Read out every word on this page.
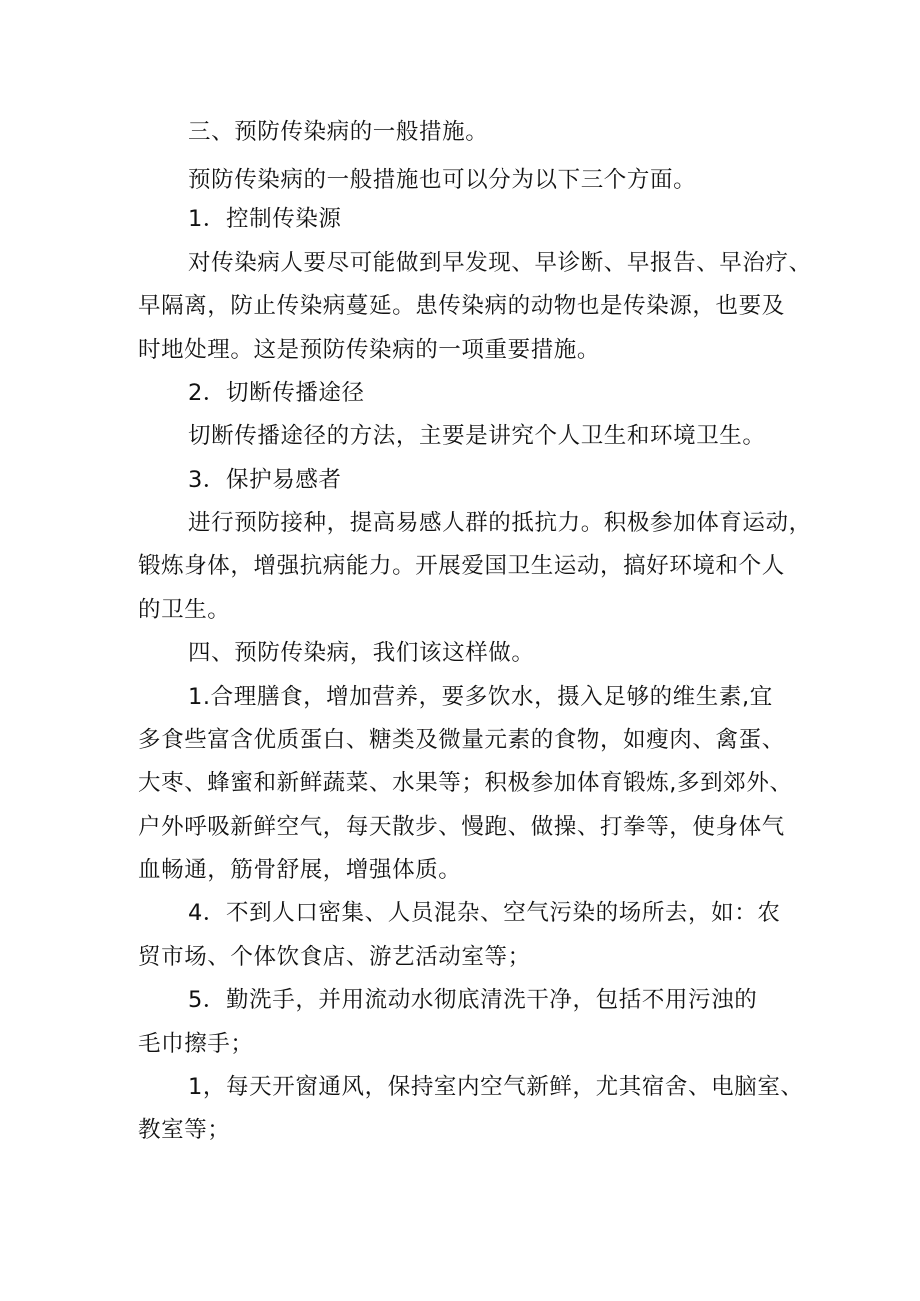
三、预防传染病的一般措施。
预防传染病的一般措施也可以分为以下三个方面。
1．控制传染源
对传染病人要尽可能做到早发现、早诊断、早报告、早治疗、
早隔离，防止传染病蔓延。患传染病的动物也是传染源，也要及
时地处理。这是预防传染病的一项重要措施。
2．切断传播途径
切断传播途径的方法，主要是讲究个人卫生和环境卫生。
3．保护易感者
进行预防接种，提高易感人群的抵抗力。积极参加体育运动，
锻炼身体，增强抗病能力。开展爱国卫生运动，搞好环境和个人
的卫生。
四、预防传染病，我们该这样做。
1.合理膳食，增加营养，要多饮水，摄入足够的维生素,宜
多食些富含优质蛋白、糖类及微量元素的食物，如瘦肉、禽蛋、
大枣、蜂蜜和新鲜蔬菜、水果等；积极参加体育锻炼,多到郊外、
户外呼吸新鲜空气，每天散步、慢跑、做操、打拳等，使身体气
血畅通，筋骨舒展，增强体质。
4．不到人口密集、人员混杂、空气污染的场所去，如：农
贸市场、个体饮食店、游艺活动室等；
5．勤洗手，并用流动水彻底清洗干净，包括不用污浊的
毛巾擦手；
1，每天开窗通风，保持室内空气新鲜，尤其宿舍、电脑室、
教室等；
